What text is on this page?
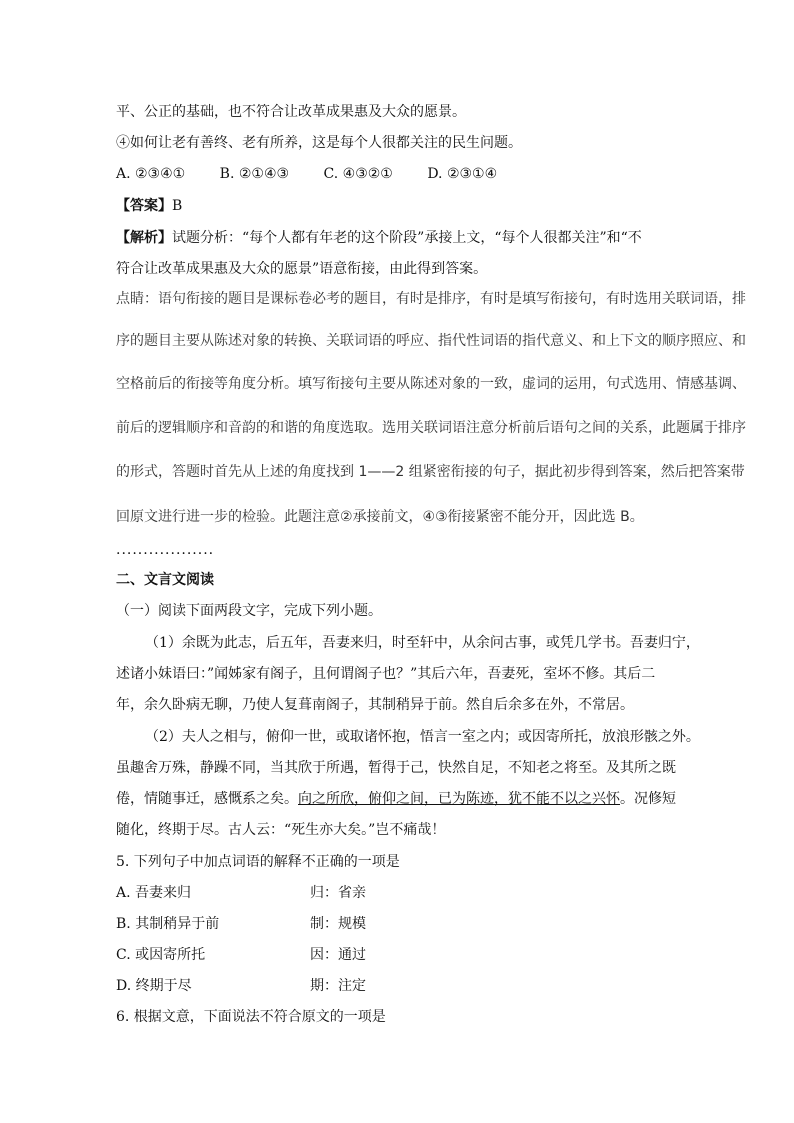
平、公正的基础，也不符合让改革成果惠及大众的愿景。
④如何让老有善终、老有所养，这是每个人很都关注的民生问题。
A. ②③④① B. ②①④③ C. ④③②① D. ②③①④
【答案】B
【解析】试题分析：“每个人都有年老的这个阶段”承接上文，“每个人很都关注”和“不
符合让改革成果惠及大众的愿景”语意衔接，由此得到答案。
点睛：语句衔接的题目是课标卷必考的题目，有时是排序，有时是填写衔接句，有时选用关联词语，排
序的题目主要从陈述对象的转换、关联词语的呼应、指代性词语的指代意义、和上下文的顺序照应、和
空格前后的衔接等角度分析。填写衔接句主要从陈述对象的一致，虚词的运用，句式选用、情感基调、
前后的逻辑顺序和音韵的和谐的角度选取。选用关联词语注意分析前后语句之间的关系，此题属于排序
的形式，答题时首先从上述的角度找到 1——2 组紧密衔接的句子，据此初步得到答案，然后把答案带
回原文进行进一步的检验。此题注意②承接前文，④③衔接紧密不能分开，因此选 B。
..................
二、文言文阅读
（一）阅读下面两段文字，完成下列小题。
（1）余既为此志，后五年，吾妻来归，时至轩中，从余问古事，或凭几学书。吾妻归宁，
述诸小妹语曰：”闻姊家有阁子，且何谓阁子也？”其后六年，吾妻死，室坏不修。其后二
年，余久卧病无聊，乃使人复葺南阁子，其制稍异于前。然自后余多在外，不常居。
（2）夫人之相与，俯仰一世，或取诸怀抱，悟言一室之内；或因寄所托，放浪形骸之外。
虽趣舍万殊，静躁不同，当其欣于所遇，暂得于己，快然自足，不知老之将至。及其所之既
倦，情随事迁，感慨系之矣。向之所欣，俯仰之间，已为陈迹，犹不能不以之兴怀。况修短
随化，终期于尽。古人云：“死生亦大矣。”岂不痛哉！
5. 下列句子中加点词语的解释不正确的一项是
A. 吾妻来归	归：省亲
B. 其制稍异于前	制：规模
C. 或因寄所托	因：通过
D. 终期于尽	期：注定
6. 根据文意，下面说法不符合原文的一项是
